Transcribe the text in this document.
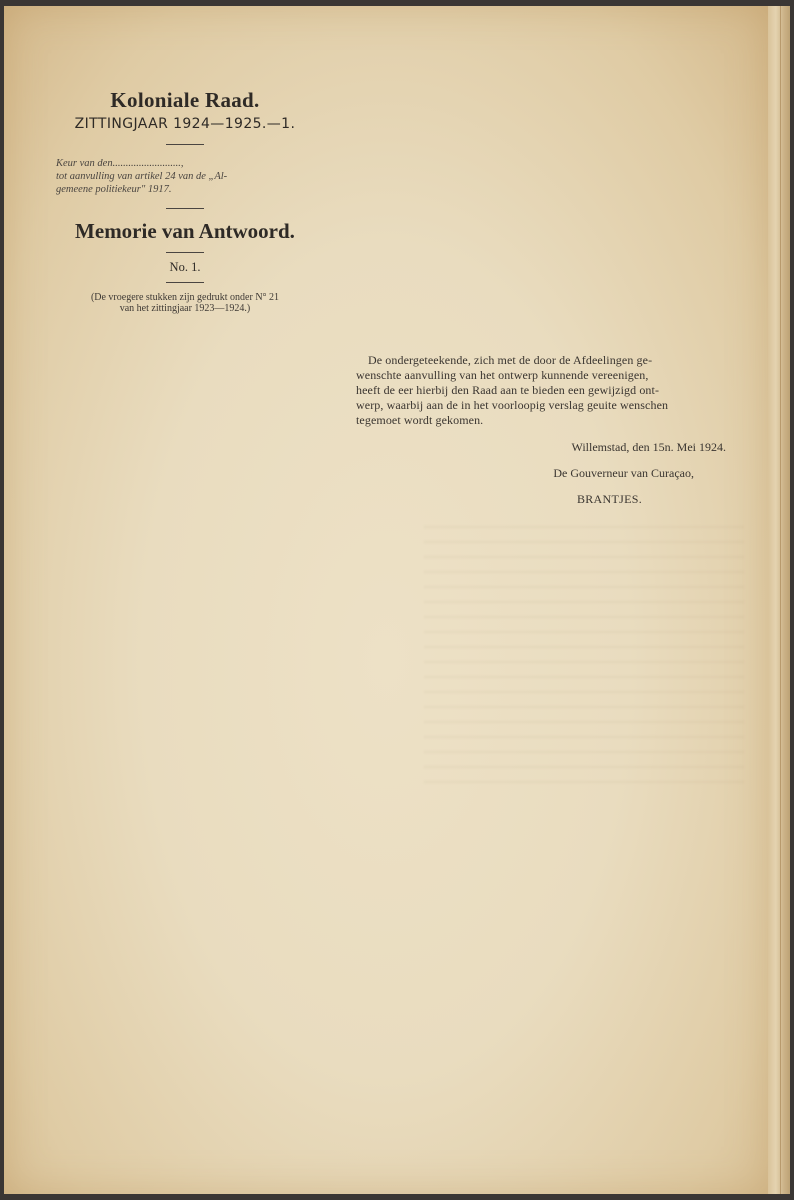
Koloniale Raad.
ZITTINGJAAR 1924—1925.—1.
Keur van den..........................,
tot aanvulling van artikel 24 van de „Al-
gemeene politiekeur" 1917.
Memorie van Antwoord.
No. 1.
(De vroegere stukken zijn gedrukt onder N° 21
van het zittingjaar 1923—1924.)
De ondergeteekende, zich met de door de Afdeelingen ge-
wenschte aanvulling van het ontwerp kunnende vereenigen,
heeft de eer hierbij den Raad aan te bieden een gewijzigd ont-
werp, waarbij aan de in het voorloopig verslag geuite wenschen
tegemoet wordt gekomen.
Willemstad, den 15n. Mei 1924.
De Gouverneur van Curaçao,
BRANTJES.
